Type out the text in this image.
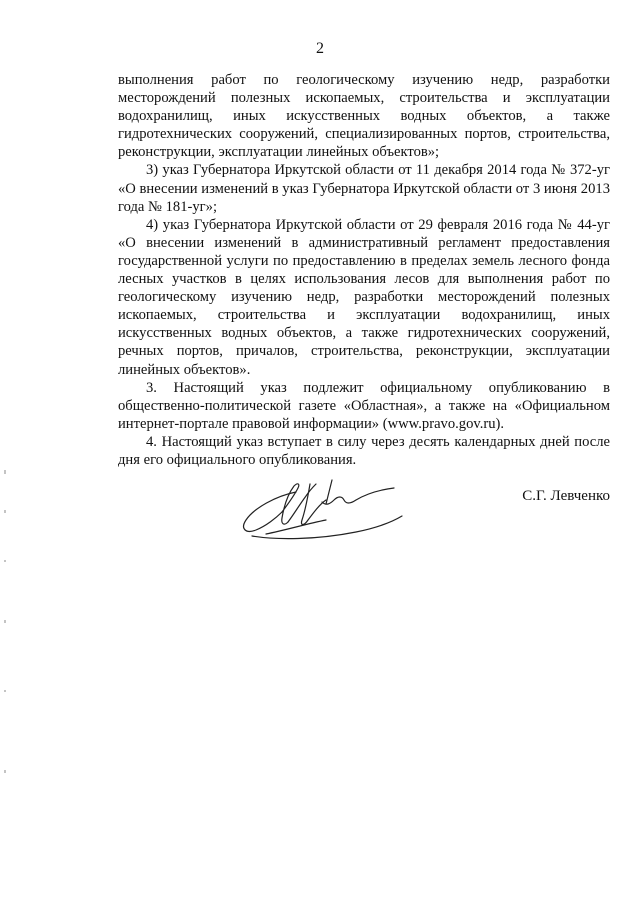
2

выполнения работ по геологическому изучению недр, разработки месторождений полезных ископаемых, строительства и эксплуатации водохранилищ, иных искусственных водных объектов, а также гидротехнических сооружений, специализированных портов, строительства, реконструкции, эксплуатации линейных объектов»;

3) указ Губернатора Иркутской области от 11 декабря 2014 года № 372-уг «О внесении изменений в указ Губернатора Иркутской области от 3 июня 2013 года № 181-уг»;

4) указ Губернатора Иркутской области от 29 февраля 2016 года № 44-уг «О внесении изменений в административный регламент предоставления государственной услуги по предоставлению в пределах земель лесного фонда лесных участков в целях использования лесов для выполнения работ по геологическому изучению недр, разработки месторождений полезных ископаемых, строительства и эксплуатации водохранилищ, иных искусственных водных объектов, а также гидротехнических сооружений, речных портов, причалов, строительства, реконструкции, эксплуатации линейных объектов».

3. Настоящий указ подлежит официальному опубликованию в общественно-политической газете «Областная», а также на «Официальном интернет-портале правовой информации» (www.pravo.gov.ru).

4. Настоящий указ вступает в силу через десять календарных дней после дня его официального опубликования.

С.Г. Левченко
